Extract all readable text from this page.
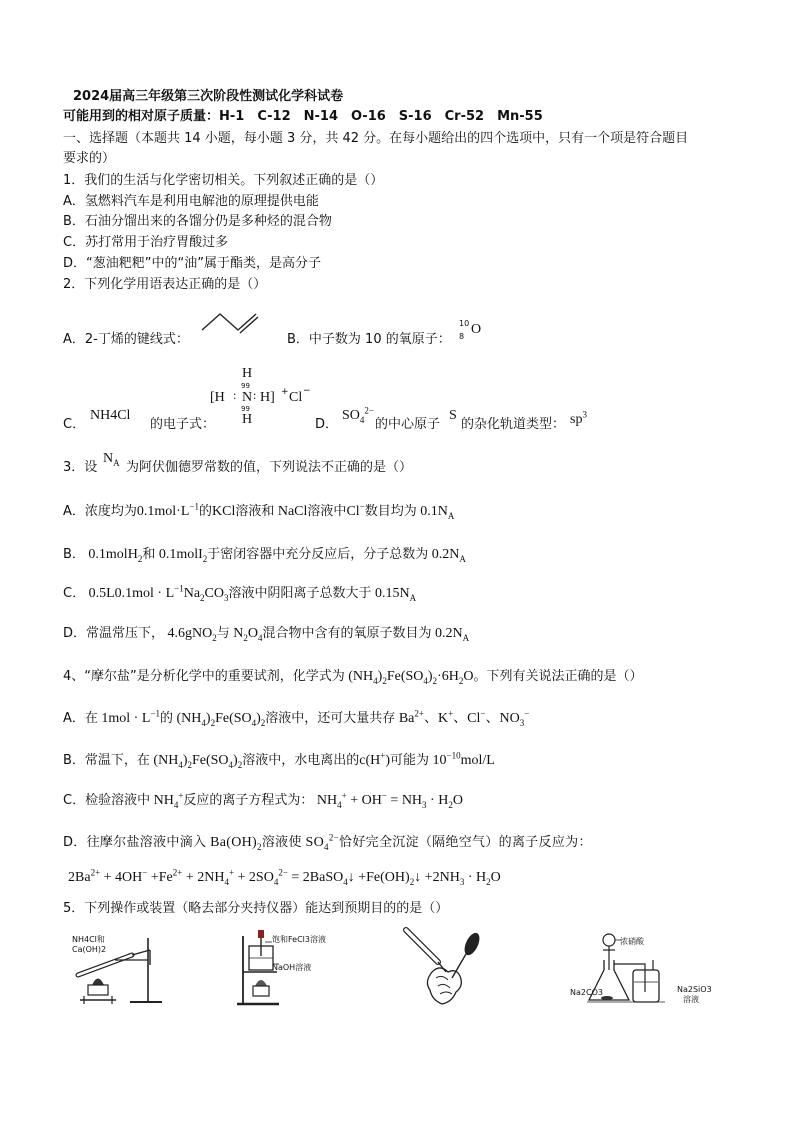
2024届高三年级第三次阶段性测试化学科试卷
可能用到的相对原子质量：H-1　C-12　N-14　O-16　S-16　Cr-52　Mn-55
一、选择题（本题共 14 小题，每小题 3 分，共 42 分。在每小题给出的四个选项中，只有一个项是符合题目
要求的）
1．我们的生活与化学密切相关。下列叙述正确的是（）
A．氢燃料汽车是利用电解池的原理提供电能
B．石油分馏出来的各馏分仍是多种烃的混合物
C．苏打常用于治疗胃酸过多
D．“葱油粑粑”中的“油”属于酯类，是高分子
2．下列化学用语表达正确的是（）
A．2-丁烯的键线式：	B．中子数为 10 的氧原子：
10
8 O
C．
NH4Cl
的电子式：
H
99
[H : N : H] + Cl −
99
H	D．
$SO_4^{2-}$
的中心原子
S
的杂化轨道类型： $sp^3$
3．设
$N_A$ 为阿伏伽德罗常数的值，下列说法不正确的是（）
A．浓度均为$0.1mol\cdot L^{-1}$的KCl溶液和 NaCl溶液中Cl−数目均为 $0.1N_A$
B． 0.1molH$_2$和 0.1molI$_2$于密闭容器中充分反应后，分子总数为 $0.2N_A$
C． $0.5L0.1mol \cdot L^{-1}Na_2CO_3$溶液中阴阳离子总数大于 $0.15N_A$
D．常温常压下， 4.6gNO$_2$与 $N_2O_4$混合物中含有的氧原子数目为 $0.2N_A$
4、“摩尔盐”是分析化学中的重要试剂，化学式为 $(NH_4)_2Fe(SO_4)_2\cdot 6H_2O$。下列有关说法正确的是（）
A．在 $1mol \cdot L^{-1}$的 $(NH_4)_2Fe(SO_4)_2$溶液中，还可大量共存 $Ba^{2+}$、K+、Cl−、$NO_3^-$
B．常温下，在 $(NH_4)_2Fe(SO_4)_2$溶液中，水电离出的c(H+)可能为 $10^{-10}mol/L$
C．检验溶液中 $NH_4^+$反应的离子方程式为： $NH_4^+ + OH^- = NH_3 \cdot H_2O$
D．往摩尔盐溶液中滴入 $Ba(OH)_2$溶液使 $SO_4^{2-}$恰好完全沉淀（隔绝空气）的离子反应为：
$2Ba^{2+} + 4OH^- +Fe^{2+} + 2NH_4^+ + 2SO_4^{2-}$ = 2BaSO$_4$↓ $+Fe(OH)_2↓ +2NH_3 \cdot H_2O$
5．下列操作或装置（略去部分夹持仪器）能达到预期目的的是（）
NH4Cl和
Ca(OH)2
饱和FeCl3溶液
NaOH溶液
浓硝酸
Na2CO3	Na2SiO3
溶液
